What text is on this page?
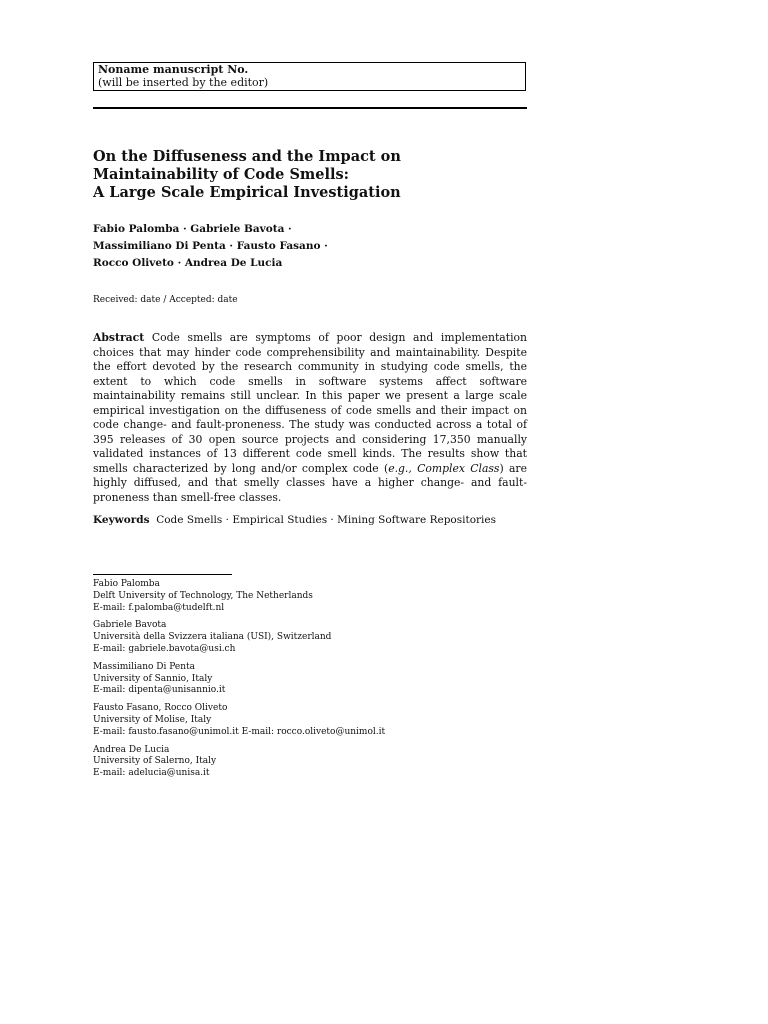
Noname manuscript No.
(will be inserted by the editor)
On the Diffuseness and the Impact on
Maintainability of Code Smells:
A Large Scale Empirical Investigation
Fabio Palomba · Gabriele Bavota ·
Massimiliano Di Penta · Fausto Fasano ·
Rocco Oliveto · Andrea De Lucia
Received: date / Accepted: date

Abstract Code smells are symptoms of poor design and implementation choices that may hinder code comprehensibility and maintainability. Despite the effort devoted by the research community in studying code smells, the extent to which code smells in software systems affect software maintainability remains still unclear. In this paper we present a large scale empirical investigation on the diffuseness of code smells and their impact on code change- and fault-proneness. The study was conducted across a total of 395 releases of 30 open source projects and considering 17,350 manually validated instances of 13 different code smell kinds. The results show that smells characterized by long and/or complex code (e.g., Complex Class) are highly diffused, and that smelly classes have a higher change- and fault-proneness than smell-free classes.

Keywords Code Smells · Empirical Studies · Mining Software Repositories
Fabio Palomba
Delft University of Technology, The Netherlands
E-mail: f.palomba@tudelft.nl
Gabriele Bavota
Università della Svizzera italiana (USI), Switzerland
E-mail: gabriele.bavota@usi.ch
Massimiliano Di Penta
University of Sannio, Italy
E-mail: dipenta@unisannio.it
Fausto Fasano, Rocco Oliveto
University of Molise, Italy
E-mail: fausto.fasano@unimol.it E-mail: rocco.oliveto@unimol.it
Andrea De Lucia
University of Salerno, Italy
E-mail: adelucia@unisa.it
